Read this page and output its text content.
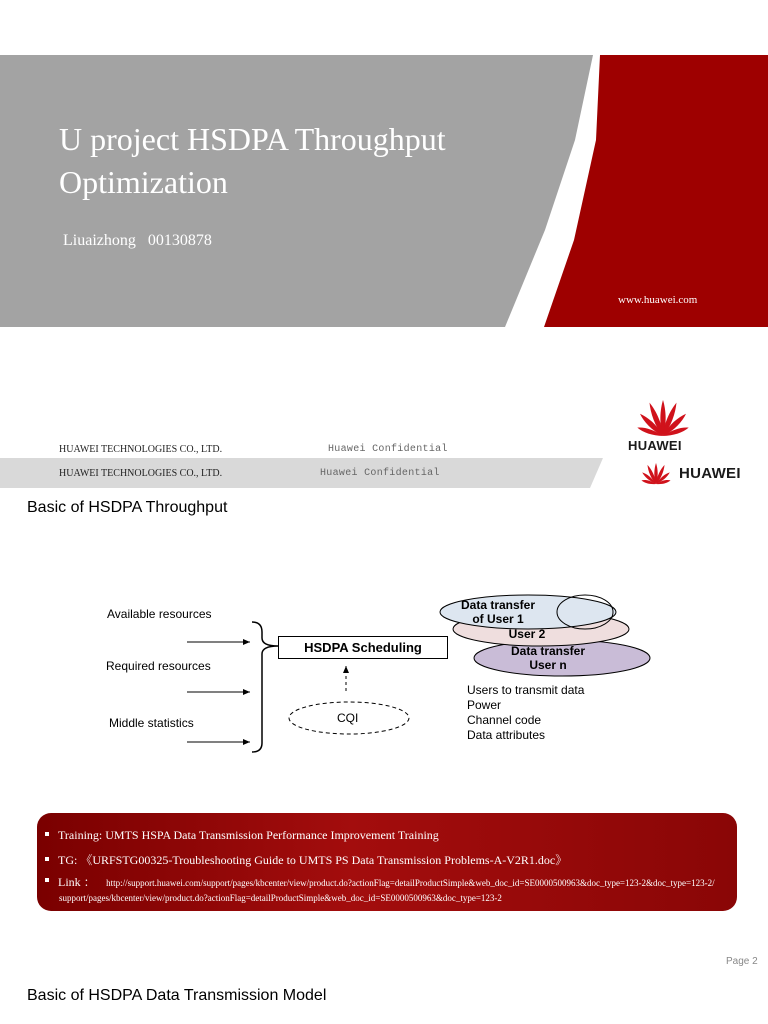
U project HSDPA Throughput
Optimization
Liuaizhong   00130878
www.huawei.com
HUAWEI TECHNOLOGIES CO., LTD.	Huawei Confidential	HUAWEI
HUAWEI TECHNOLOGIES CO., LTD.	Huawei Confidential	HUAWEI
Basic of HSDPA Throughput
Available resources
Required resources
Middle statistics
HSDPA Scheduling
CQI
Data transfer
of User 1
User 2
Data transfer
User n
Users to transmit data
Power
Channel code
Data attributes
Training: UMTS HSPA Data Transmission Performance Improvement Training
TG: 《URFSTG00325-Troubleshooting Guide to UMTS PS Data Transmission Problems-A-V2R1.doc》
Link ： http://support.huawei.com/support/pages/kbcenter/view/product.do?actionFlag=detailProductSimple&web_doc_id=SE0000500963&doc_type=123-2&doc_type=123-2/
support/pages/kbcenter/view/product.do?actionFlag=detailProductSimple&web_doc_id=SE0000500963&doc_type=123-2
Page 2
Basic of HSDPA Data Transmission Model
